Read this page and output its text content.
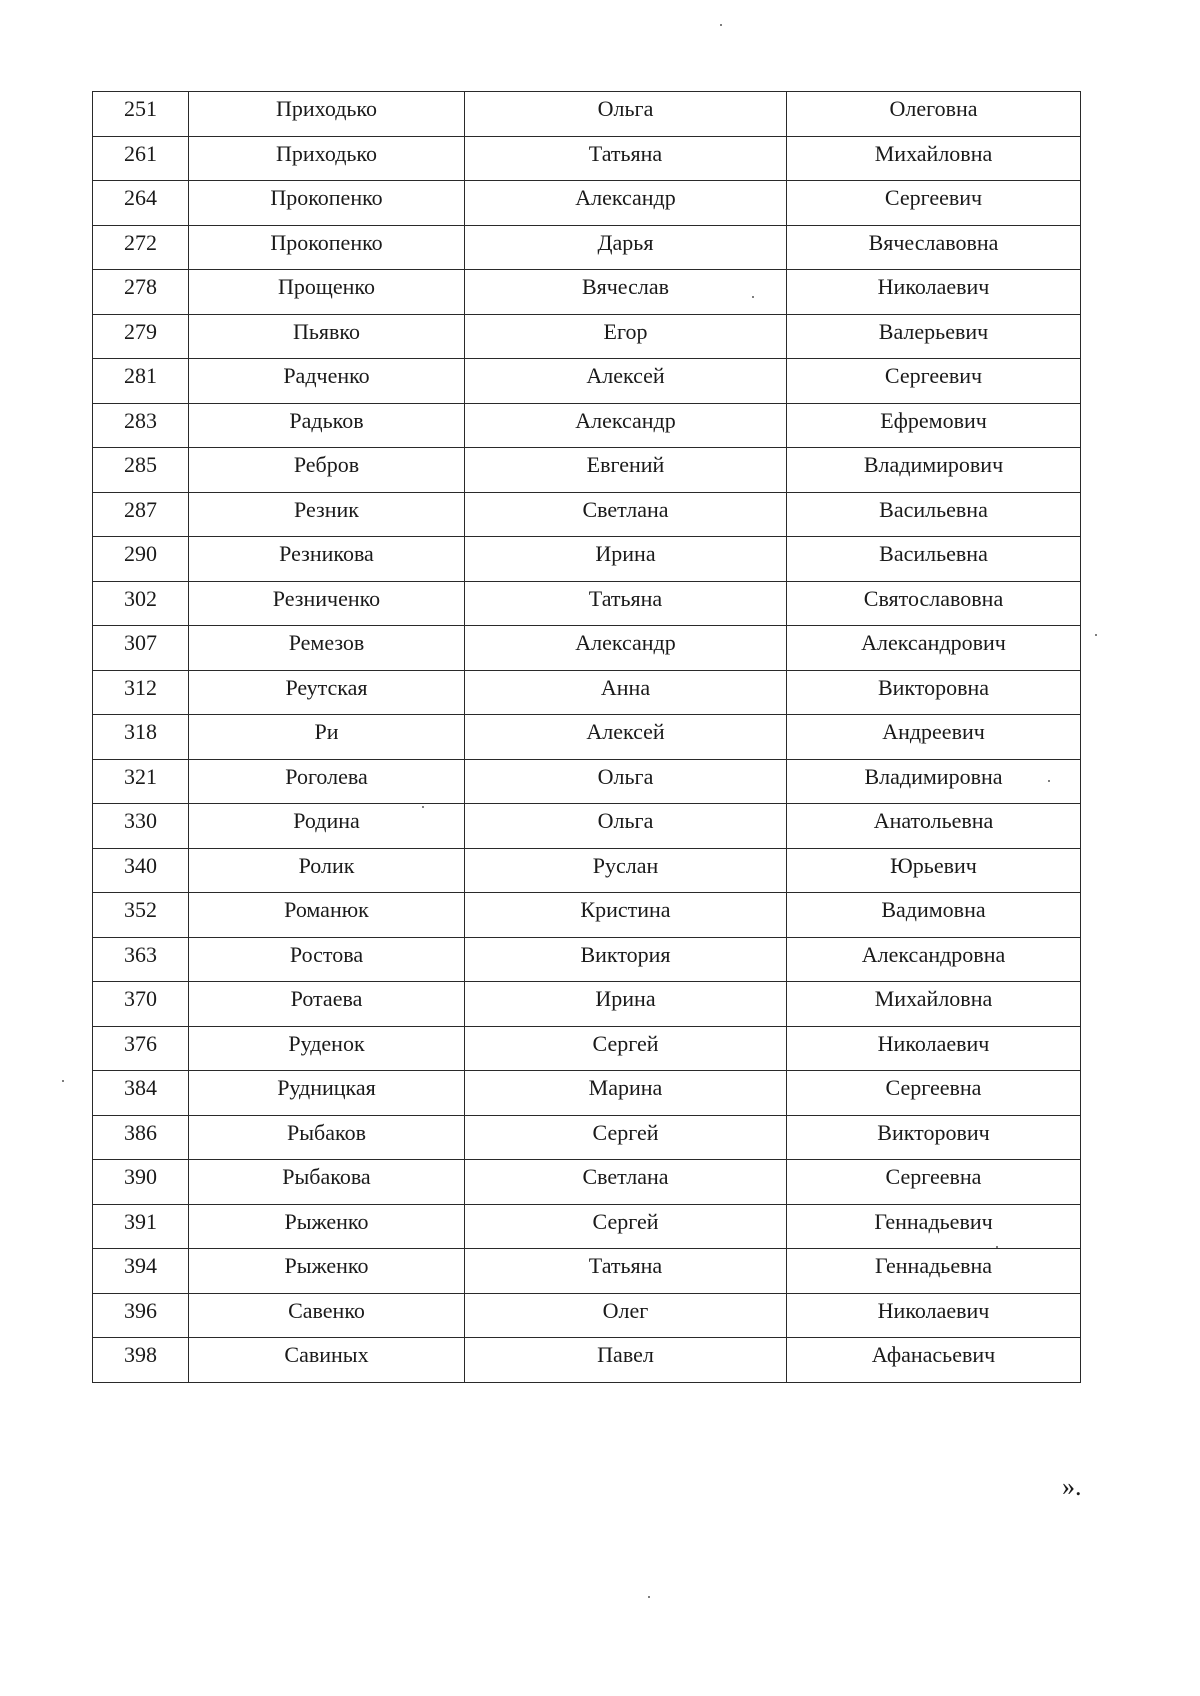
251	Приходько	Ольга	Олеговна
261	Приходько	Татьяна	Михайловна
264	Прокопенко	Александр	Сергеевич
272	Прокопенко	Дарья	Вячеславовна
278	Прощенко	Вячеслав	Николаевич
279	Пьявко	Егор	Валерьевич
281	Радченко	Алексей	Сергеевич
283	Радьков	Александр	Ефремович
285	Ребров	Евгений	Владимирович
287	Резник	Светлана	Васильевна
290	Резникова	Ирина	Васильевна
302	Резниченко	Татьяна	Святославовна
307	Ремезов	Александр	Александрович
312	Реутская	Анна	Викторовна
318	Ри	Алексей	Андреевич
321	Роголева	Ольга	Владимировна
330	Родина	Ольга	Анатольевна
340	Ролик	Руслан	Юрьевич
352	Романюк	Кристина	Вадимовна
363	Ростова	Виктория	Александровна
370	Ротаева	Ирина	Михайловна
376	Руденок	Сергей	Николаевич
384	Рудницкая	Марина	Сергеевна
386	Рыбаков	Сергей	Викторович
390	Рыбакова	Светлана	Сергеевна
391	Рыженко	Сергей	Геннадьевич
394	Рыженко	Татьяна	Геннадьевна
396	Савенко	Олег	Николаевич
398	Савиных	Павел	Афанасьевич
».
